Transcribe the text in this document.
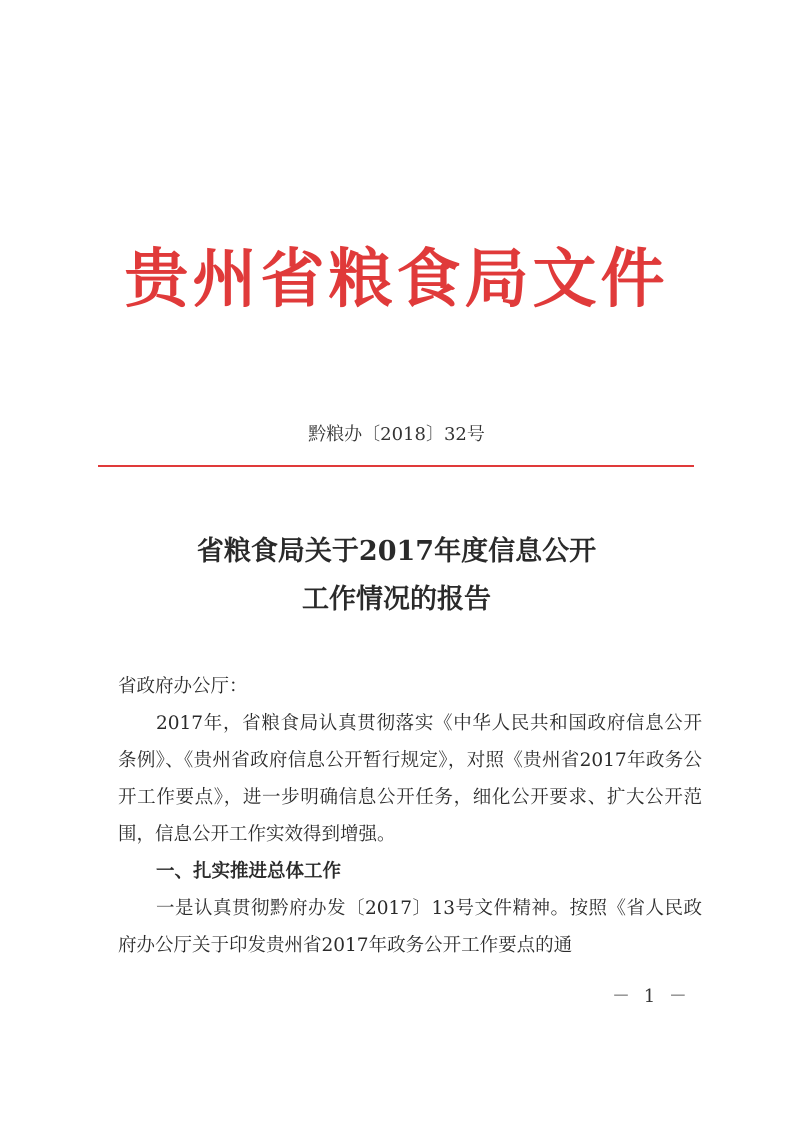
贵州省粮食局文件
黔粮办〔2018〕32号
省粮食局关于2017年度信息公开
工作情况的报告
省政府办公厅：
2017年，省粮食局认真贯彻落实《中华人民共和国政府信息公开条例》、《贵州省政府信息公开暂行规定》，对照《贵州省2017年政务公开工作要点》，进一步明确信息公开任务，细化公开要求、扩大公开范围，信息公开工作实效得到增强。
一、扎实推进总体工作
一是认真贯彻黔府办发〔2017〕13号文件精神。按照《省人民政府办公厅关于印发贵州省2017年政务公开工作要点的通
－ 1 －
